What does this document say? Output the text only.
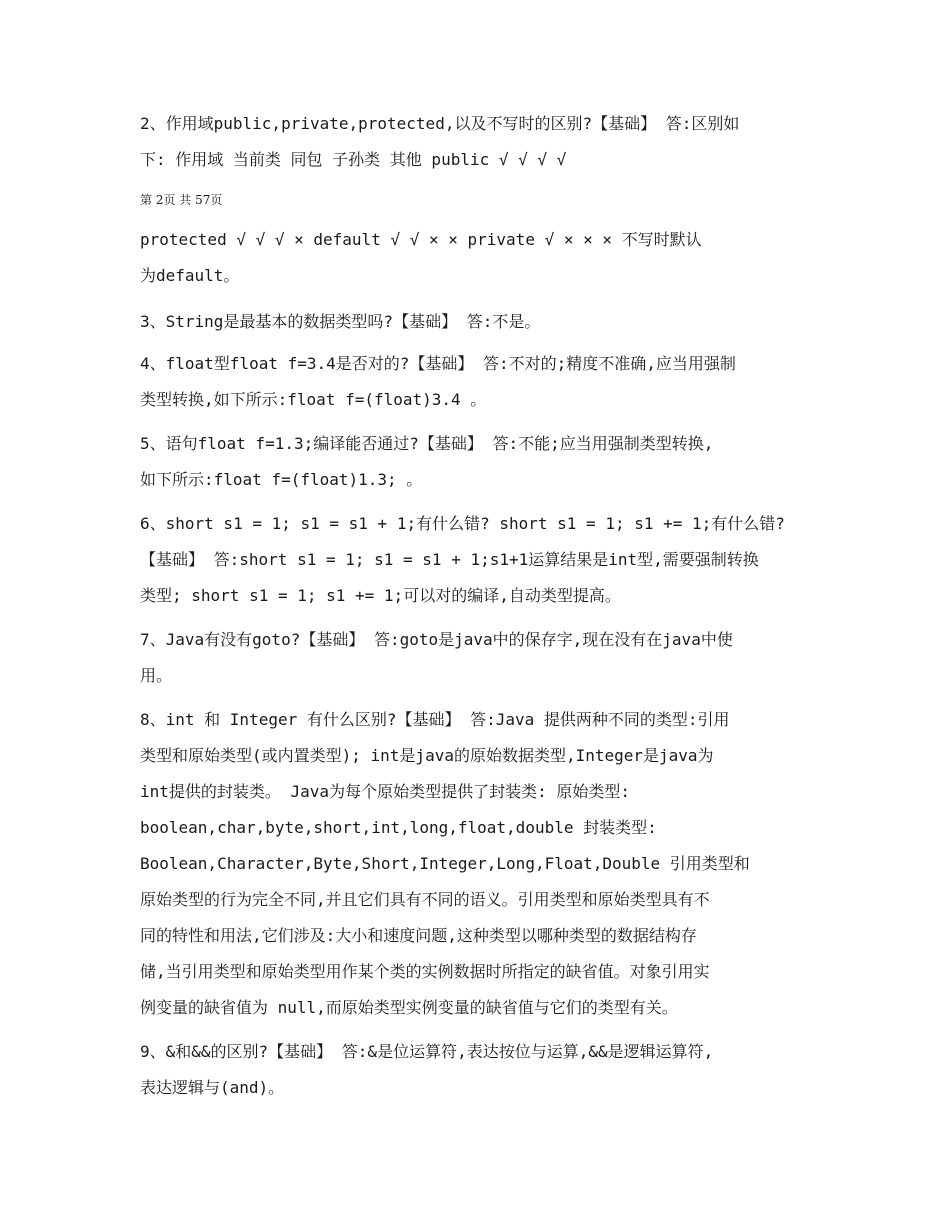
2、作用域public,private,protected,以及不写时的区别?【基础】 答:区别如
下: 作用域 当前类 同包 子孙类 其他 public √ √ √ √
第 2页 共 57页
protected √ √ √ × default √ √ × × private √ × × × 不写时默认
为default。
3、String是最基本的数据类型吗?【基础】 答:不是。
4、float型float f=3.4是否对的?【基础】 答:不对的;精度不准确,应当用强制
类型转换,如下所示:float f=(float)3.4 。
5、语句float f=1.3;编译能否通过?【基础】 答:不能;应当用强制类型转换,
如下所示:float f=(float)1.3; 。
6、short s1 = 1; s1 = s1 + 1;有什么错? short s1 = 1; s1 += 1;有什么错?
【基础】 答:short s1 = 1; s1 = s1 + 1;s1+1运算结果是int型,需要强制转换
类型; short s1 = 1; s1 += 1;可以对的编译,自动类型提高。
7、Java有没有goto?【基础】 答:goto是java中的保存字,现在没有在java中使
用。
8、int 和 Integer 有什么区别?【基础】 答:Java 提供两种不同的类型:引用
类型和原始类型(或内置类型); int是java的原始数据类型,Integer是java为
int提供的封装类。 Java为每个原始类型提供了封装类: 原始类型:
boolean,char,byte,short,int,long,float,double 封装类型:
Boolean,Character,Byte,Short,Integer,Long,Float,Double 引用类型和
原始类型的行为完全不同,并且它们具有不同的语义。引用类型和原始类型具有不
同的特性和用法,它们涉及:大小和速度问题,这种类型以哪种类型的数据结构存
储,当引用类型和原始类型用作某个类的实例数据时所指定的缺省值。对象引用实
例变量的缺省值为 null,而原始类型实例变量的缺省值与它们的类型有关。
9、&和&&的区别?【基础】 答:&是位运算符,表达按位与运算,&&是逻辑运算符,
表达逻辑与(and)。
